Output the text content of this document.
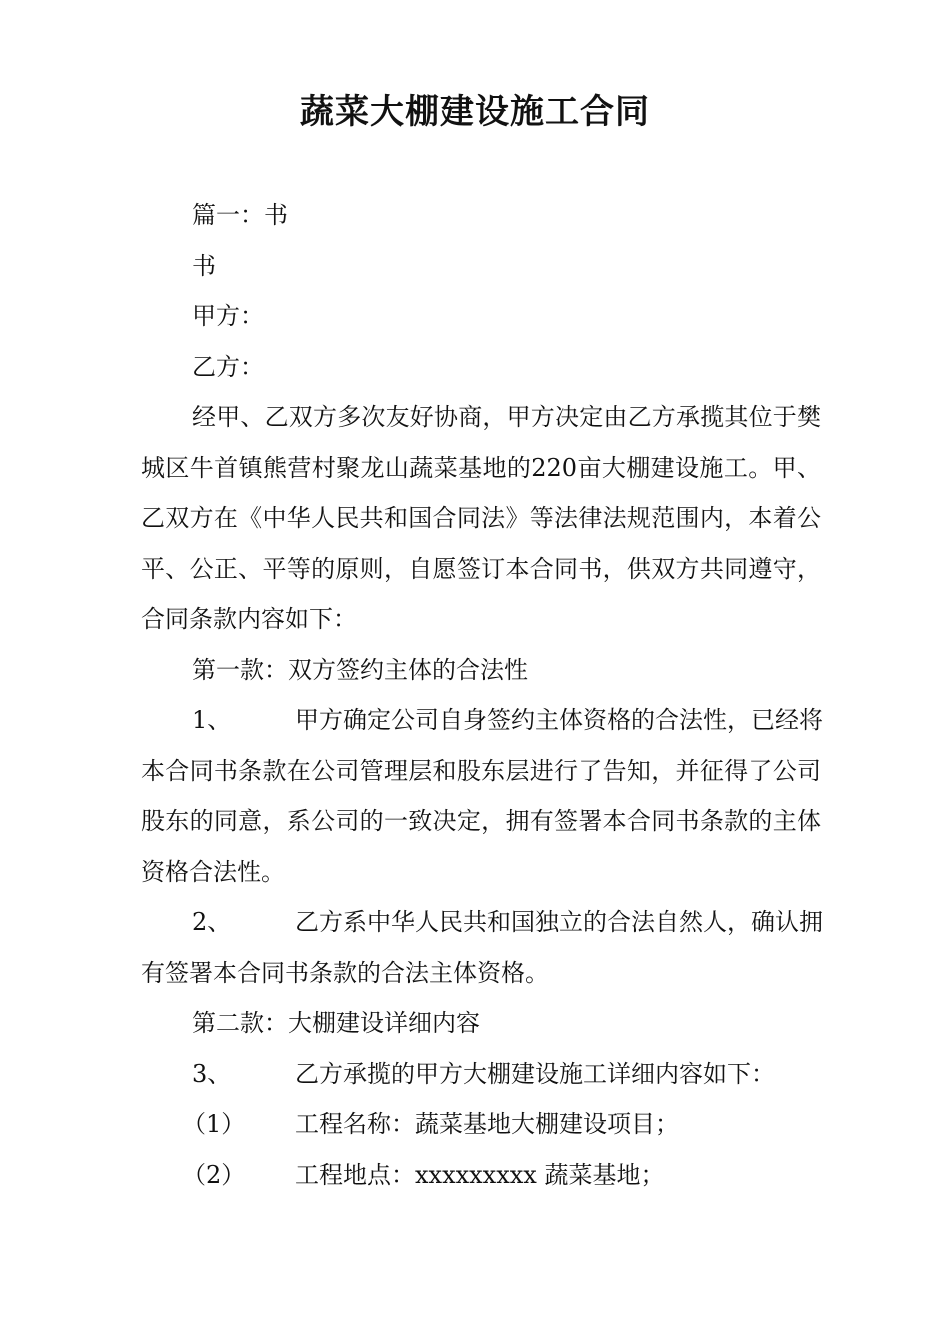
蔬菜大棚建设施工合同

篇一：书

书

甲方：

乙方：

经甲、乙双方多次友好协商，甲方决定由乙方承揽其位于樊城区牛首镇熊营村聚龙山蔬菜基地的220亩大棚建设施工。甲、乙双方在《中华人民共和国合同法》等法律法规范围内，本着公平、公正、平等的原则，自愿签订本合同书，供双方共同遵守，合同条款内容如下：

第一款：双方签约主体的合法性

1、	甲方确定公司自身签约主体资格的合法性，已经将

本合同书条款在公司管理层和股东层进行了告知，并征得了公司股东的同意，系公司的一致决定，拥有签署本合同书条款的主体资格合法性。

2、	乙方系中华人民共和国独立的合法自然人，确认拥

有签署本合同书条款的合法主体资格。

第二款：大棚建设详细内容

3、	乙方承揽的甲方大棚建设施工详细内容如下：

（1） 工程名称：蔬菜基地大棚建设项目；

（2） 工程地点：xxxxxxxxx 蔬菜基地；
